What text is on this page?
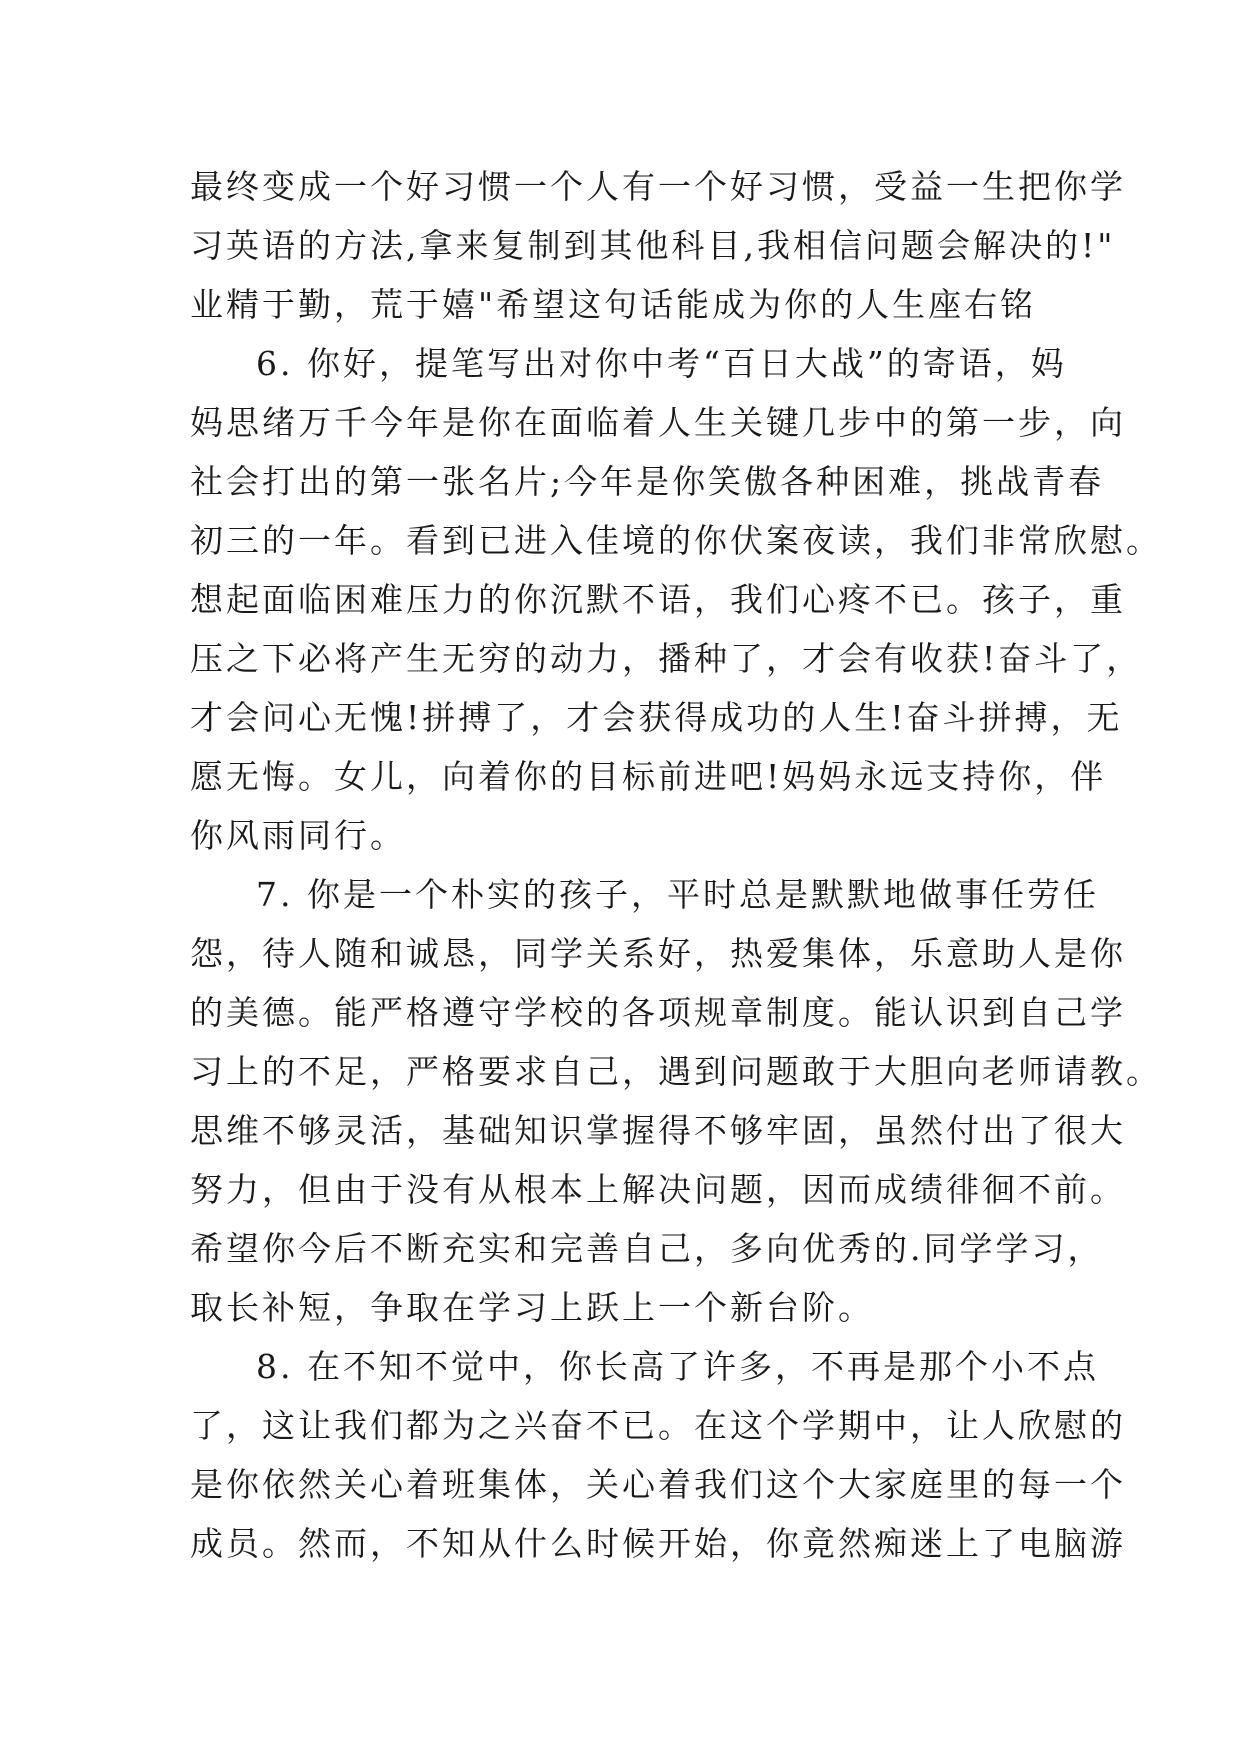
最终变成一个好习惯一个人有一个好习惯，受益一生把你学
习英语的方法,拿来复制到其他科目,我相信问题会解决的!"
业精于勤，荒于嬉"希望这句话能成为你的人生座右铭
6. 你好，提笔写出对你中考“百日大战”的寄语，妈
妈思绪万千今年是你在面临着人生关键几步中的第一步，向
社会打出的第一张名片;今年是你笑傲各种困难，挑战青春
初三的一年。看到已进入佳境的你伏案夜读，我们非常欣慰。
想起面临困难压力的你沉默不语，我们心疼不已。孩子，重
压之下必将产生无穷的动力，播种了，才会有收获!奋斗了，
才会问心无愧!拼搏了，才会获得成功的人生!奋斗拼搏，无
愿无悔。女儿，向着你的目标前进吧!妈妈永远支持你，伴
你风雨同行。
7. 你是一个朴实的孩子，平时总是默默地做事任劳任
怨，待人随和诚恳，同学关系好，热爱集体，乐意助人是你
的美德。能严格遵守学校的各项规章制度。能认识到自己学
习上的不足，严格要求自己，遇到问题敢于大胆向老师请教。
思维不够灵活，基础知识掌握得不够牢固，虽然付出了很大
努力，但由于没有从根本上解决问题，因而成绩徘徊不前。
希望你今后不断充实和完善自己，多向优秀的.同学学习，
取长补短，争取在学习上跃上一个新台阶。
8. 在不知不觉中，你长高了许多，不再是那个小不点
了，这让我们都为之兴奋不已。在这个学期中，让人欣慰的
是你依然关心着班集体，关心着我们这个大家庭里的每一个
成员。然而，不知从什么时候开始，你竟然痴迷上了电脑游
